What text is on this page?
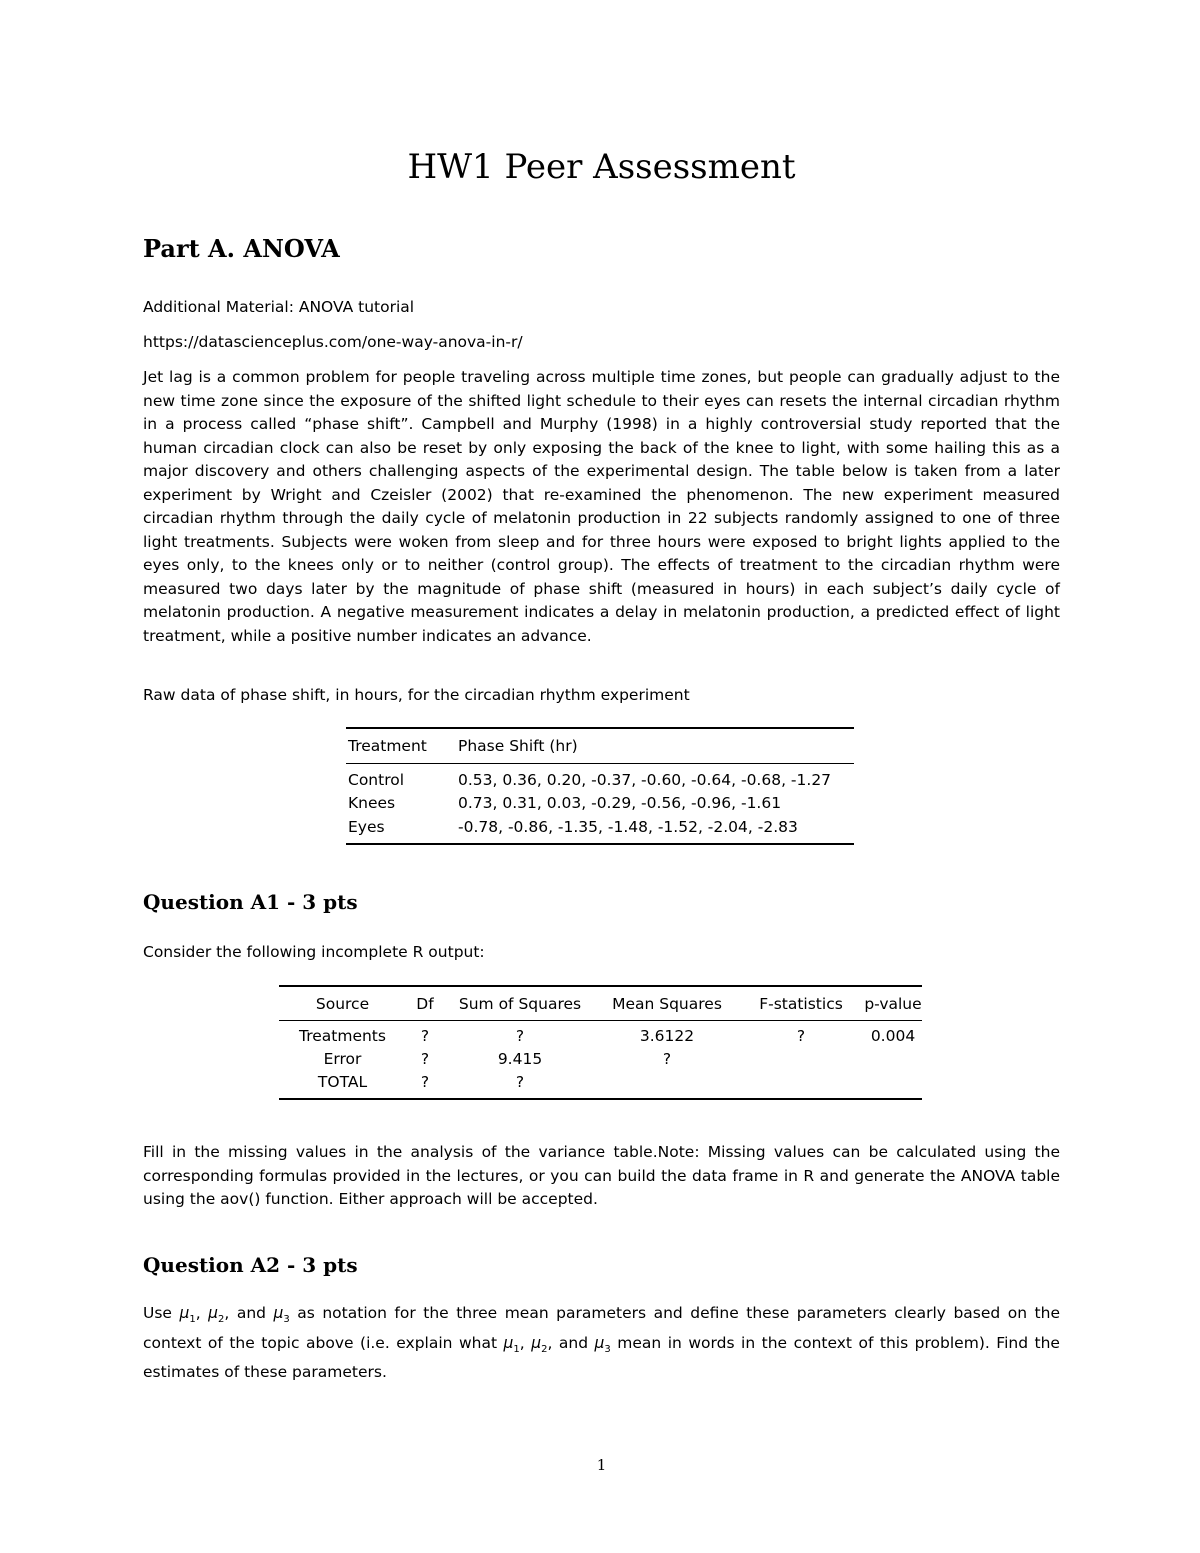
HW1 Peer Assessment
Part A. ANOVA

Additional Material: ANOVA tutorial

https://datascienceplus.com/one-way-anova-in-r/

Jet lag is a common problem for people traveling across multiple time zones, but people can gradually adjust to the new time zone since the exposure of the shifted light schedule to their eyes can resets the internal circadian rhythm in a process called “phase shift”. Campbell and Murphy (1998) in a highly controversial study reported that the human circadian clock can also be reset by only exposing the back of the knee to light, with some hailing this as a major discovery and others challenging aspects of the experimental design. The table below is taken from a later experiment by Wright and Czeisler (2002) that re-examined the phenomenon. The new experiment measured circadian rhythm through the daily cycle of melatonin production in 22 subjects randomly assigned to one of three light treatments. Subjects were woken from sleep and for three hours were exposed to bright lights applied to the eyes only, to the knees only or to neither (control group). The effects of treatment to the circadian rhythm were measured two days later by the magnitude of phase shift (measured in hours) in each subject’s daily cycle of melatonin production. A negative measurement indicates a delay in melatonin production, a predicted effect of light treatment, while a positive number indicates an advance.

Raw data of phase shift, in hours, for the circadian rhythm experiment

Treatment	Phase Shift (hr)
Control	0.53, 0.36, 0.20, -0.37, -0.60, -0.64, -0.68, -1.27
Knees	0.73, 0.31, 0.03, -0.29, -0.56, -0.96, -1.61
Eyes	-0.78, -0.86, -1.35, -1.48, -1.52, -2.04, -2.83
Question A1 - 3 pts

Consider the following incomplete R output:

Source	Df	Sum of Squares	Mean Squares	F-statistics	p-value
Treatments	?	?	3.6122	?	0.004
Error	?	9.415	?
TOTAL	?	?

Fill in the missing values in the analysis of the variance table.Note: Missing values can be calculated using the corresponding formulas provided in the lectures, or you can build the data frame in R and generate the ANOVA table using the aov() function. Either approach will be accepted.

Question A2 - 3 pts

Use $\mu_1$, $\mu_2$, and $\mu_3$ as notation for the three mean parameters and define these parameters clearly based on the context of the topic above (i.e. explain what $\mu_1$, $\mu_2$, and $\mu_3$ mean in words in the context of this problem). Find the estimates of these parameters.

1
